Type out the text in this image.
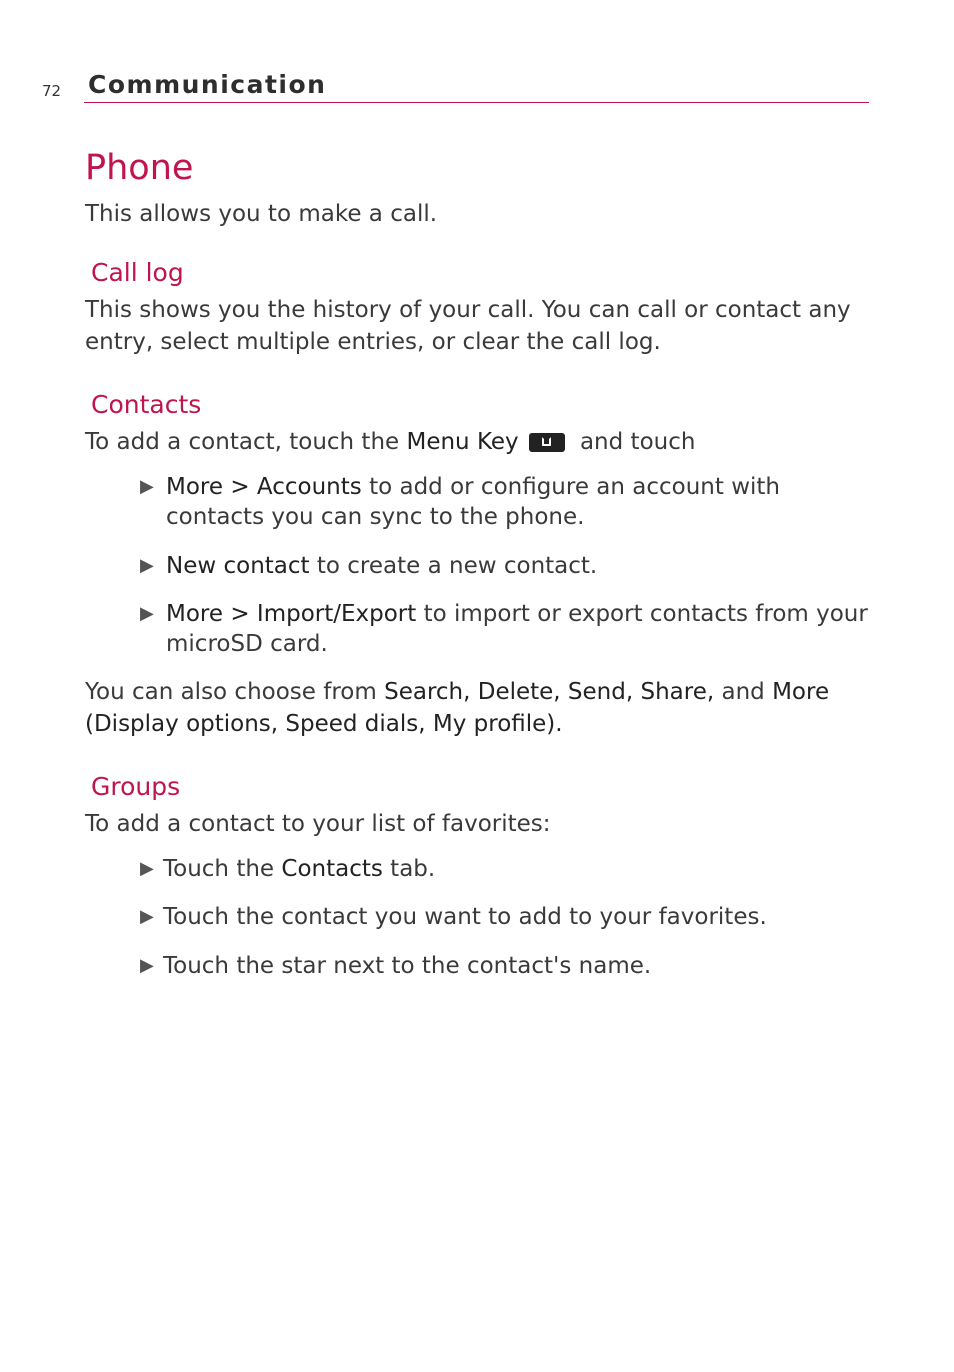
72 Communication
Phone

This allows you to make a call.

Call log

This shows you the history of your call. You can call or contact any entry, select multiple entries, or clear the call log.

Contacts

To add a contact, touch the Menu Key and touch

▶ More > Accounts to add or configure an account with contacts you can sync to the phone.
▶ New contact to create a new contact.
▶ More > Import/Export to import or export contacts from your microSD card.

You can also choose from Search, Delete, Send, Share, and More (Display options, Speed dials, My profile).

Groups

To add a contact to your list of favorites:

▶ Touch the Contacts tab.
▶ Touch the contact you want to add to your favorites.
▶ Touch the star next to the contact's name.
